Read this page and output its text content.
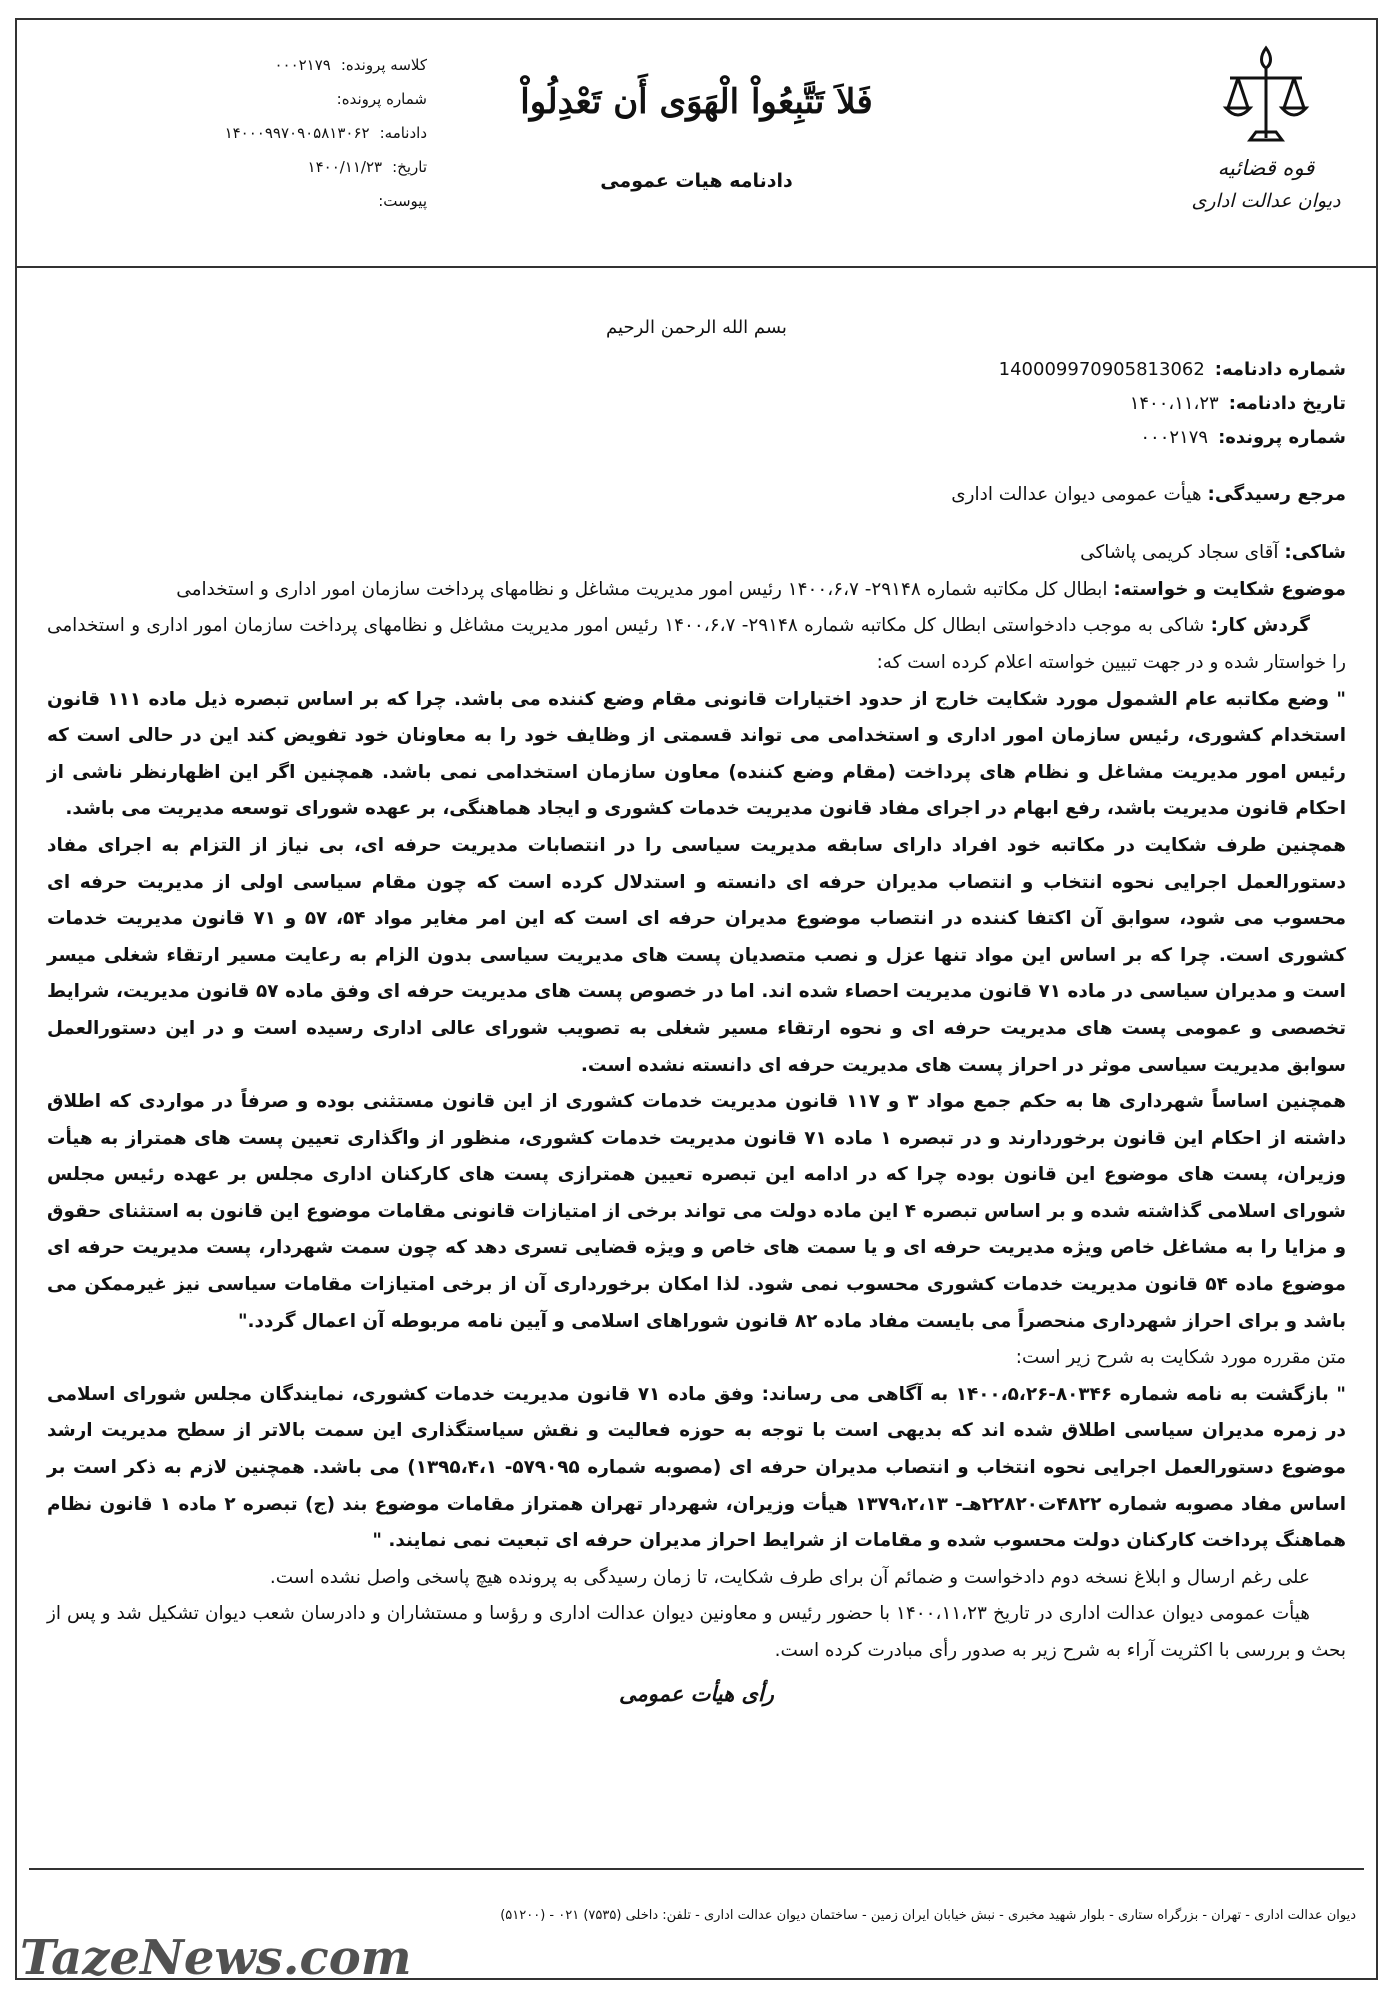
قوه قضائیه
دیوان عدالت اداری
فَلاَ تَتَّبِعُواْ الْهَوَى أَن تَعْدِلُواْ
دادنامه هیات عمومی
کلاسه پرونده:
۰۰۰۲۱۷۹
شماره پرونده:
دادنامه:
۱۴۰۰۰۹۹۷۰۹۰۵۸۱۳۰۶۲
تاریخ:
۱۴۰۰/۱۱/۲۳
پیوست:
بسم الله الرحمن الرحیم
شماره دادنامه:
140009970905813062
تاریخ دادنامه:
۱۴۰۰،۱۱،۲۳
شماره پرونده:
۰۰۰۲۱۷۹

مرجع رسیدگی: هیأت عمومی دیوان عدالت اداری

شاکی: آقای سجاد کریمی پاشاکی

موضوع شکایت و خواسته: ابطال کل مکاتبه شماره ۲۹۱۴۸- ۱۴۰۰،۶،۷ رئیس امور مدیریت مشاغل و نظامهای پرداخت سازمان امور اداری و استخدامی

گردش کار: شاکی به موجب دادخواستی ابطال کل مکاتبه شماره ۲۹۱۴۸- ۱۴۰۰،۶،۷ رئیس امور مدیریت مشاغل و نظامهای پرداخت سازمان امور اداری و استخدامی را خواستار شده و در جهت تبیین خواسته اعلام کرده است که:

" وضع مکاتبه عام الشمول مورد شکایت خارج از حدود اختیارات قانونی مقام وضع کننده می باشد. چرا که بر اساس تبصره ذیل ماده ۱۱۱ قانون استخدام کشوری، رئیس سازمان امور اداری و استخدامی می تواند قسمتی از وظایف خود را به معاونان خود تفویض کند این در حالی است که رئیس امور مدیریت مشاغل و نظام های پرداخت (مقام وضع کننده) معاون سازمان استخدامی نمی باشد. همچنین اگر این اظهارنظر ناشی از احکام قانون مدیریت باشد، رفع ابهام در اجرای مفاد قانون مدیریت خدمات کشوری و ایجاد هماهنگی، بر عهده شورای توسعه مدیریت می باشد.

همچنین طرف شکایت در مکاتبه خود افراد دارای سابقه مدیریت سیاسی را در انتصابات مدیریت حرفه ای، بی نیاز از التزام به اجرای مفاد دستورالعمل اجرایی نحوه انتخاب و انتصاب مدیران حرفه ای دانسته و استدلال کرده است که چون مقام سیاسی اولی از مدیریت حرفه ای محسوب می شود، سوابق آن اکتفا کننده در انتصاب موضوع مدیران حرفه ای است که این امر مغایر مواد ۵۴، ۵۷ و ۷۱ قانون مدیریت خدمات کشوری است. چرا که بر اساس این مواد تنها عزل و نصب متصدیان پست های مدیریت سیاسی بدون الزام به رعایت مسیر ارتقاء شغلی میسر است و مدیران سیاسی در ماده ۷۱ قانون مدیریت احصاء شده اند. اما در خصوص پست های مدیریت حرفه ای وفق ماده ۵۷ قانون مدیریت، شرایط تخصصی و عمومی پست های مدیریت حرفه ای و نحوه ارتقاء مسیر شغلی به تصویب شورای عالی اداری رسیده است و در این دستورالعمل سوابق مدیریت سیاسی موثر در احراز پست های مدیریت حرفه ای دانسته نشده است.

همچنین اساساً شهرداری ها به حکم جمع مواد ۳ و ۱۱۷ قانون مدیریت خدمات کشوری از این قانون مستثنی بوده و صرفاً در مواردی که اطلاق داشته از احکام این قانون برخوردارند و در تبصره ۱ ماده ۷۱ قانون مدیریت خدمات کشوری، منظور از واگذاری تعیین پست های همتراز به هیأت وزیران، پست های موضوع این قانون بوده چرا که در ادامه این تبصره تعیین همترازی پست های کارکنان اداری مجلس بر عهده رئیس مجلس شورای اسلامی گذاشته شده و بر اساس تبصره ۴ این ماده دولت می تواند برخی از امتیازات قانونی مقامات موضوع این قانون به استثنای حقوق و مزایا را به مشاغل خاص ویژه مدیریت حرفه ای و یا سمت های خاص و ویژه قضایی تسری دهد که چون سمت شهردار، پست مدیریت حرفه ای موضوع ماده ۵۴ قانون مدیریت خدمات کشوری محسوب نمی شود. لذا امکان برخورداری آن از برخی امتیازات مقامات سیاسی نیز غیرممکن می باشد و برای احراز شهرداری منحصراً می بایست مفاد ماده ۸۲ قانون شوراهای اسلامی و آیین نامه مربوطه آن اعمال گردد."

متن مقرره مورد شکایت به شرح زیر است:

" بازگشت به نامه شماره ۸۰۳۴۶-۱۴۰۰،۵،۲۶ به آگاهی می رساند: وفق ماده ۷۱ قانون مدیریت خدمات کشوری، نمایندگان مجلس شورای اسلامی در زمره مدیران سیاسی اطلاق شده اند که بدیهی است با توجه به حوزه فعالیت و نقش سیاستگذاری این سمت بالاتر از سطح مدیریت ارشد موضوع دستورالعمل اجرایی نحوه انتخاب و انتصاب مدیران حرفه ای (مصوبه شماره ۵۷۹۰۹۵- ۱۳۹۵،۴،۱) می باشد. همچنین لازم به ذکر است بر اساس مفاد مصوبه شماره ۴۸۲۲ت۲۲۸۲۰هـ- ۱۳۷۹،۲،۱۳ هیأت وزیران، شهردار تهران همتراز مقامات موضوع بند (ج) تبصره ۲ ماده ۱ قانون نظام هماهنگ پرداخت کارکنان دولت محسوب شده و مقامات از شرایط احراز مدیران حرفه ای تبعیت نمی نمایند. "

علی رغم ارسال و ابلاغ نسخه دوم دادخواست و ضمائم آن برای طرف شکایت، تا زمان رسیدگی به پرونده هیچ پاسخی واصل نشده است.

هیأت عمومی دیوان عدالت اداری در تاریخ ۱۴۰۰،۱۱،۲۳ با حضور رئیس و معاونین دیوان عدالت اداری و رؤسا و مستشاران و دادرسان شعب دیوان تشکیل شد و پس از بحث و بررسی با اکثریت آراء به شرح زیر به صدور رأی مبادرت کرده است.

رأی هیأت عمومی
دیوان عدالت اداری - تهران - بزرگراه ستاری - بلوار شهید مخبری - نبش خیابان ایران زمین - ساختمان دیوان عدالت اداری - تلفن: داخلی (۷۵۳۵) ۰۲۱ - (۵۱۲۰۰)
TazeNews.com
